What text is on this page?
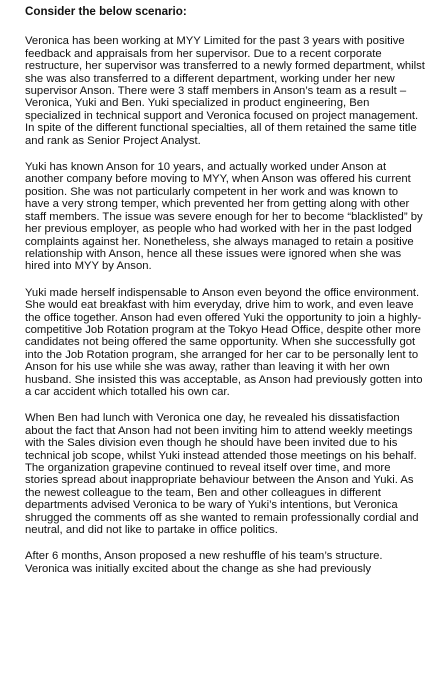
Consider the below scenario:

Veronica has been working at MYY Limited for the past 3 years with positive feedback and appraisals from her supervisor. Due to a recent corporate restructure, her supervisor was transferred to a newly formed department, whilst she was also transferred to a different department, working under her new supervisor Anson. There were 3 staff members in Anson’s team as a result – Veronica, Yuki and Ben. Yuki specialized in product engineering, Ben specialized in technical support and Veronica focused on project management. In spite of the different functional specialties, all of them retained the same title and rank as Senior Project Analyst.

Yuki has known Anson for 10 years, and actually worked under Anson at another company before moving to MYY, when Anson was offered his current position. She was not particularly competent in her work and was known to have a very strong temper, which prevented her from getting along with other staff members. The issue was severe enough for her to become “blacklisted” by her previous employer, as people who had worked with her in the past lodged complaints against her. Nonetheless, she always managed to retain a positive relationship with Anson, hence all these issues were ignored when she was hired into MYY by Anson.

Yuki made herself indispensable to Anson even beyond the office environment. She would eat breakfast with him everyday, drive him to work, and even leave the office together. Anson had even offered Yuki the opportunity to join a highly-competitive Job Rotation program at the Tokyo Head Office, despite other more candidates not being offered the same opportunity. When she successfully got into the Job Rotation program, she arranged for her car to be personally lent to Anson for his use while she was away, rather than leaving it with her own husband. She insisted this was acceptable, as Anson had previously gotten into a car accident which totalled his own car.

When Ben had lunch with Veronica one day, he revealed his dissatisfaction about the fact that Anson had not been inviting him to attend weekly meetings with the Sales division even though he should have been invited due to his technical job scope, whilst Yuki instead attended those meetings on his behalf. The organization grapevine continued to reveal itself over time, and more stories spread about inappropriate behaviour between the Anson and Yuki. As the newest colleague to the team, Ben and other colleagues in different departments advised Veronica to be wary of Yuki’s intentions, but Veronica shrugged the comments off as she wanted to remain professionally cordial and neutral, and did not like to partake in office politics.

After 6 months, Anson proposed a new reshuffle of his team’s structure. Veronica was initially excited about the change as she had previously
